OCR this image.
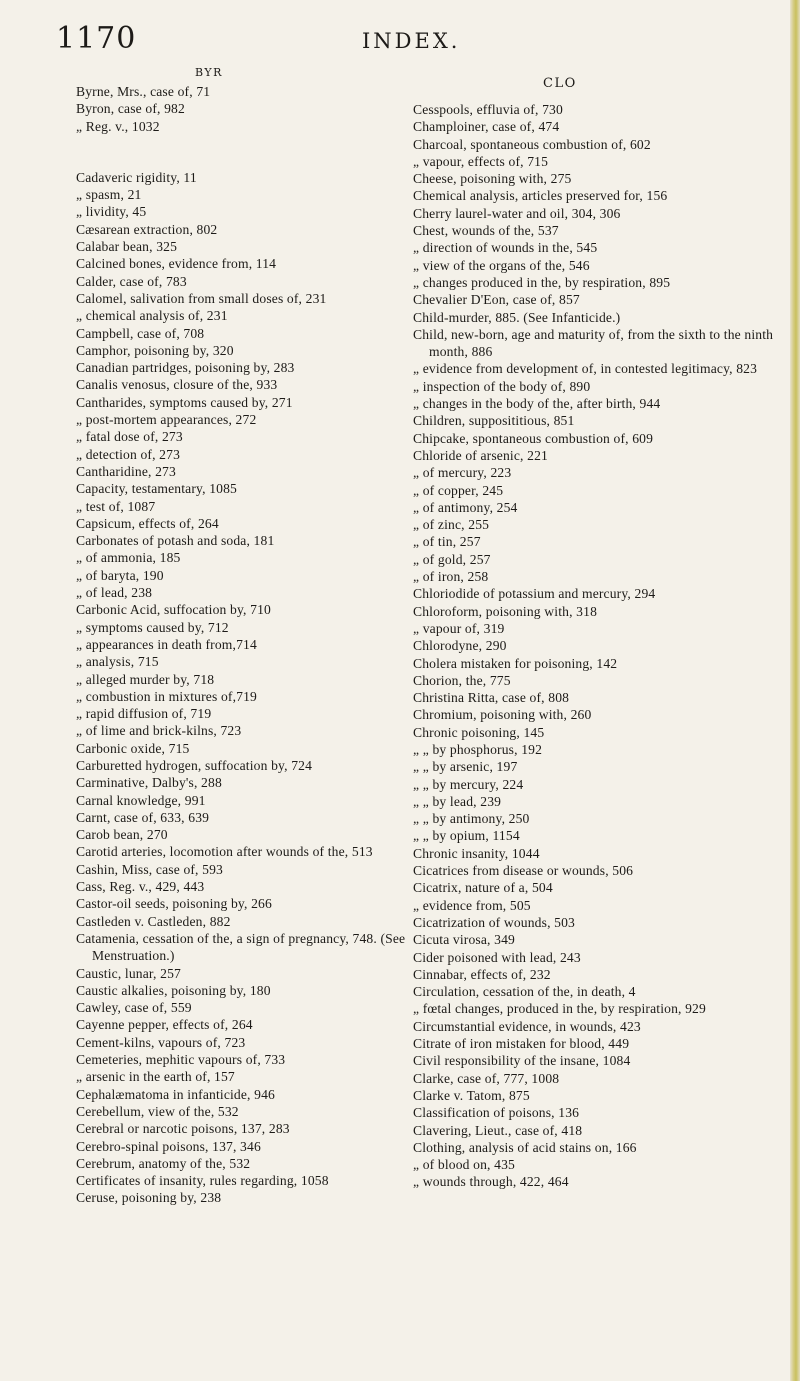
1170	INDEX.
BYR
CLO

Byrne, Mrs., case of, 71

Byron, case of, 982

„ Reg. v., 1032

Cadaveric rigidity, 11

„ spasm, 21

„ lividity, 45

Cæsarean extraction, 802

Calabar bean, 325

Calcined bones, evidence from, 114

Calder, case of, 783

Calomel, salivation from small doses of, 231

„ chemical analysis of, 231

Campbell, case of, 708

Camphor, poisoning by, 320

Canadian partridges, poisoning by, 283

Canalis venosus, closure of the, 933

Cantharides, symptoms caused by, 271

„ post-mortem appearances, 272

„ fatal dose of, 273

„ detection of, 273

Cantharidine, 273

Capacity, testamentary, 1085

„ test of, 1087

Capsicum, effects of, 264

Carbonates of potash and soda, 181

„ of ammonia, 185

„ of baryta, 190

„ of lead, 238

Carbonic Acid, suffocation by, 710

„ symptoms caused by, 712

„ appearances in death from,714

„ analysis, 715

„ alleged murder by, 718

„ combustion in mixtures of,719

„ rapid diffusion of, 719

„ of lime and brick-kilns, 723

Carbonic oxide, 715

Carburetted hydrogen, suffocation by, 724

Carminative, Dalby's, 288

Carnal knowledge, 991

Carnt, case of, 633, 639

Carob bean, 270

Carotid arteries, locomotion after wounds of the, 513

Cashin, Miss, case of, 593

Cass, Reg. v., 429, 443

Castor-oil seeds, poisoning by, 266

Castleden v. Castleden, 882

Catamenia, cessation of the, a sign of pregnancy, 748. (See Menstruation.)

Caustic, lunar, 257

Caustic alkalies, poisoning by, 180

Cawley, case of, 559

Cayenne pepper, effects of, 264

Cement-kilns, vapours of, 723

Cemeteries, mephitic vapours of, 733

„ arsenic in the earth of, 157

Cephalæmatoma in infanticide, 946

Cerebellum, view of the, 532

Cerebral or narcotic poisons, 137, 283

Cerebro-spinal poisons, 137, 346

Cerebrum, anatomy of the, 532

Certificates of insanity, rules regarding, 1058

Ceruse, poisoning by, 238

Cesspools, effluvia of, 730

Champloiner, case of, 474

Charcoal, spontaneous combustion of, 602

„ vapour, effects of, 715

Cheese, poisoning with, 275

Chemical analysis, articles preserved for, 156

Cherry laurel-water and oil, 304, 306

Chest, wounds of the, 537

„ direction of wounds in the, 545

„ view of the organs of the, 546

„ changes produced in the, by respiration, 895

Chevalier D'Eon, case of, 857

Child-murder, 885. (See Infanticide.)

Child, new-born, age and maturity of, from the sixth to the ninth month, 886

„ evidence from development of, in contested legitimacy, 823

„ inspection of the body of, 890

„ changes in the body of the, after birth, 944

Children, supposititious, 851

Chipcake, spontaneous combustion of, 609

Chloride of arsenic, 221

„ of mercury, 223

„ of copper, 245

„ of antimony, 254

„ of zinc, 255

„ of tin, 257

„ of gold, 257

„ of iron, 258

Chloriodide of potassium and mercury, 294

Chloroform, poisoning with, 318

„ vapour of, 319

Chlorodyne, 290

Cholera mistaken for poisoning, 142

Chorion, the, 775

Christina Ritta, case of, 808

Chromium, poisoning with, 260

Chronic poisoning, 145

„ „ by phosphorus, 192

„ „ by arsenic, 197

„ „ by mercury, 224

„ „ by lead, 239

„ „ by antimony, 250

„ „ by opium, 1154

Chronic insanity, 1044

Cicatrices from disease or wounds, 506

Cicatrix, nature of a, 504

„ evidence from, 505

Cicatrization of wounds, 503

Cicuta virosa, 349

Cider poisoned with lead, 243

Cinnabar, effects of, 232

Circulation, cessation of the, in death, 4

„ fœtal changes, produced in the, by respiration, 929

Circumstantial evidence, in wounds, 423

Citrate of iron mistaken for blood, 449

Civil responsibility of the insane, 1084

Clarke, case of, 777, 1008

Clarke v. Tatom, 875

Classification of poisons, 136

Clavering, Lieut., case of, 418

Clothing, analysis of acid stains on, 166

„ of blood on, 435

„ wounds through, 422, 464
